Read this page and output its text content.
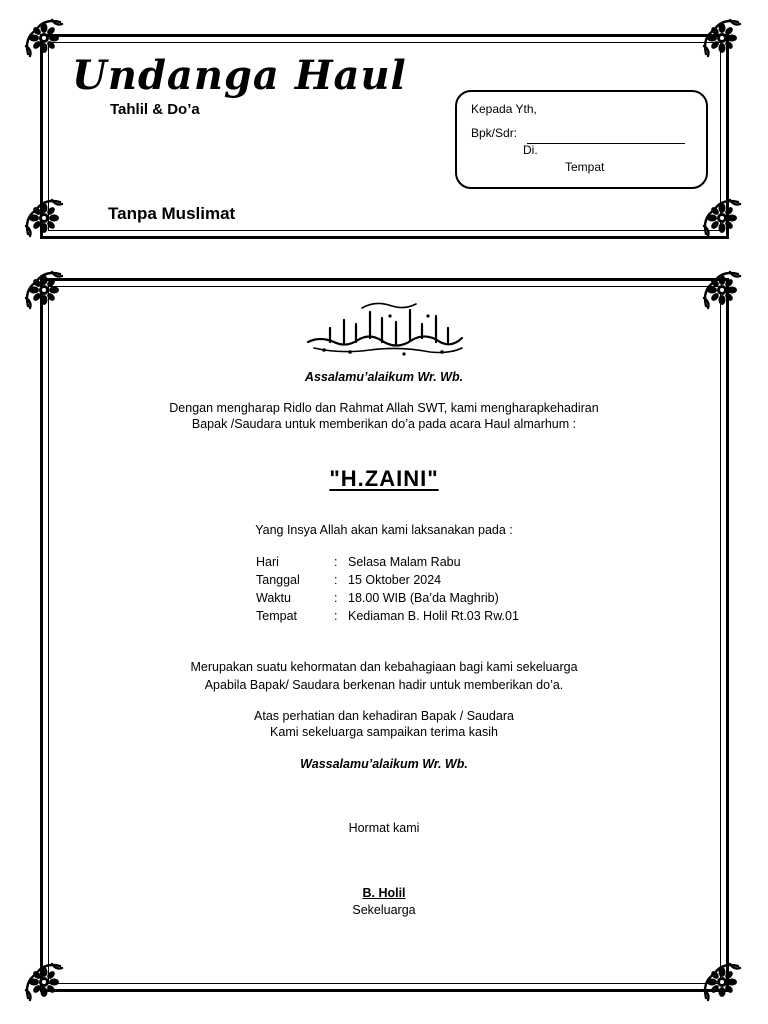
Undanga Haul
Tahlil & Do’a
Tanpa Muslimat
Kepada Yth,
Bpk/Sdr:
Di.
Tempat
بسم الله الرحمن الرحيم
Assalamu’alaikum Wr. Wb.
Dengan mengharap Ridlo dan Rahmat Allah SWT, kami mengharapkehadiran
Bapak /Saudara untuk memberikan do’a pada acara Haul almarhum :
"H.ZAINI"
Yang Insya Allah akan kami laksanakan pada :
Hari	: Selasa Malam Rabu
Tanggal	: 15 Oktober 2024
Waktu	: 18.00 WIB (Ba’da Maghrib)
Tempat	: Kediaman B. Holil Rt.03 Rw.01
Merupakan suatu kehormatan dan kebahagiaan bagi kami sekeluarga
Apabila Bapak/ Saudara berkenan hadir untuk memberikan do’a.
Atas perhatian dan kehadiran Bapak / Saudara
Kami sekeluarga sampaikan terima kasih
Wassalamu’alaikum Wr. Wb.
Hormat kami
B. Holil
Sekeluarga
